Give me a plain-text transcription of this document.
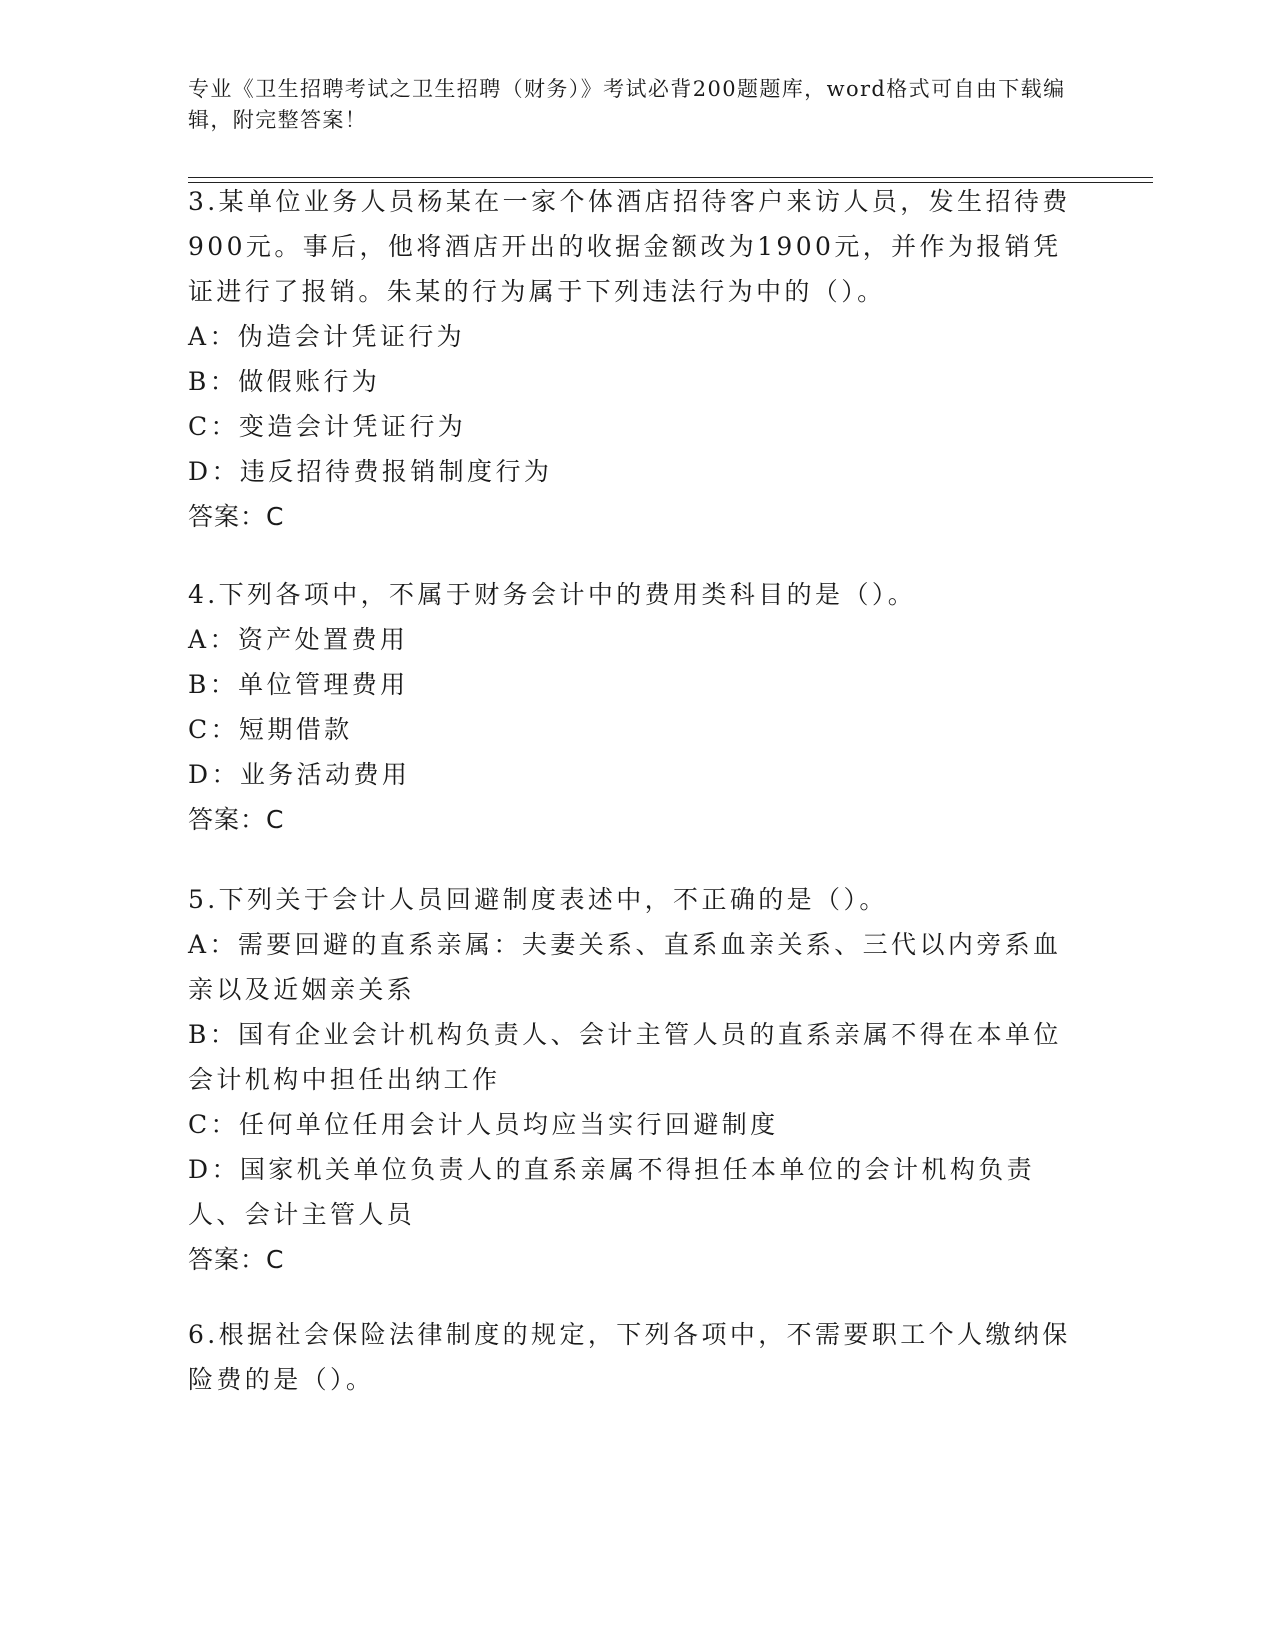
专业《卫生招聘考试之卫生招聘（财务）》考试必背200题题库，word格式可自由下载编辑，附完整答案！
3.某单位业务人员杨某在一家个体酒店招待客户来访人员，发生招待费900元。事后，他将酒店开出的收据金额改为1900元，并作为报销凭证进行了报销。朱某的行为属于下列违法行为中的（）。
A：伪造会计凭证行为
B：做假账行为
C：变造会计凭证行为
D：违反招待费报销制度行为
答案：C
4.下列各项中，不属于财务会计中的费用类科目的是（）。
A：资产处置费用
B：单位管理费用
C：短期借款
D：业务活动费用
答案：C
5.下列关于会计人员回避制度表述中，不正确的是（）。
A：需要回避的直系亲属：夫妻关系、直系血亲关系、三代以内旁系血亲以及近姻亲关系
B：国有企业会计机构负责人、会计主管人员的直系亲属不得在本单位会计机构中担任出纳工作
C：任何单位任用会计人员均应当实行回避制度
D：国家机关单位负责人的直系亲属不得担任本单位的会计机构负责人、会计主管人员
答案：C
6.根据社会保险法律制度的规定，下列各项中，不需要职工个人缴纳保险费的是（）。
